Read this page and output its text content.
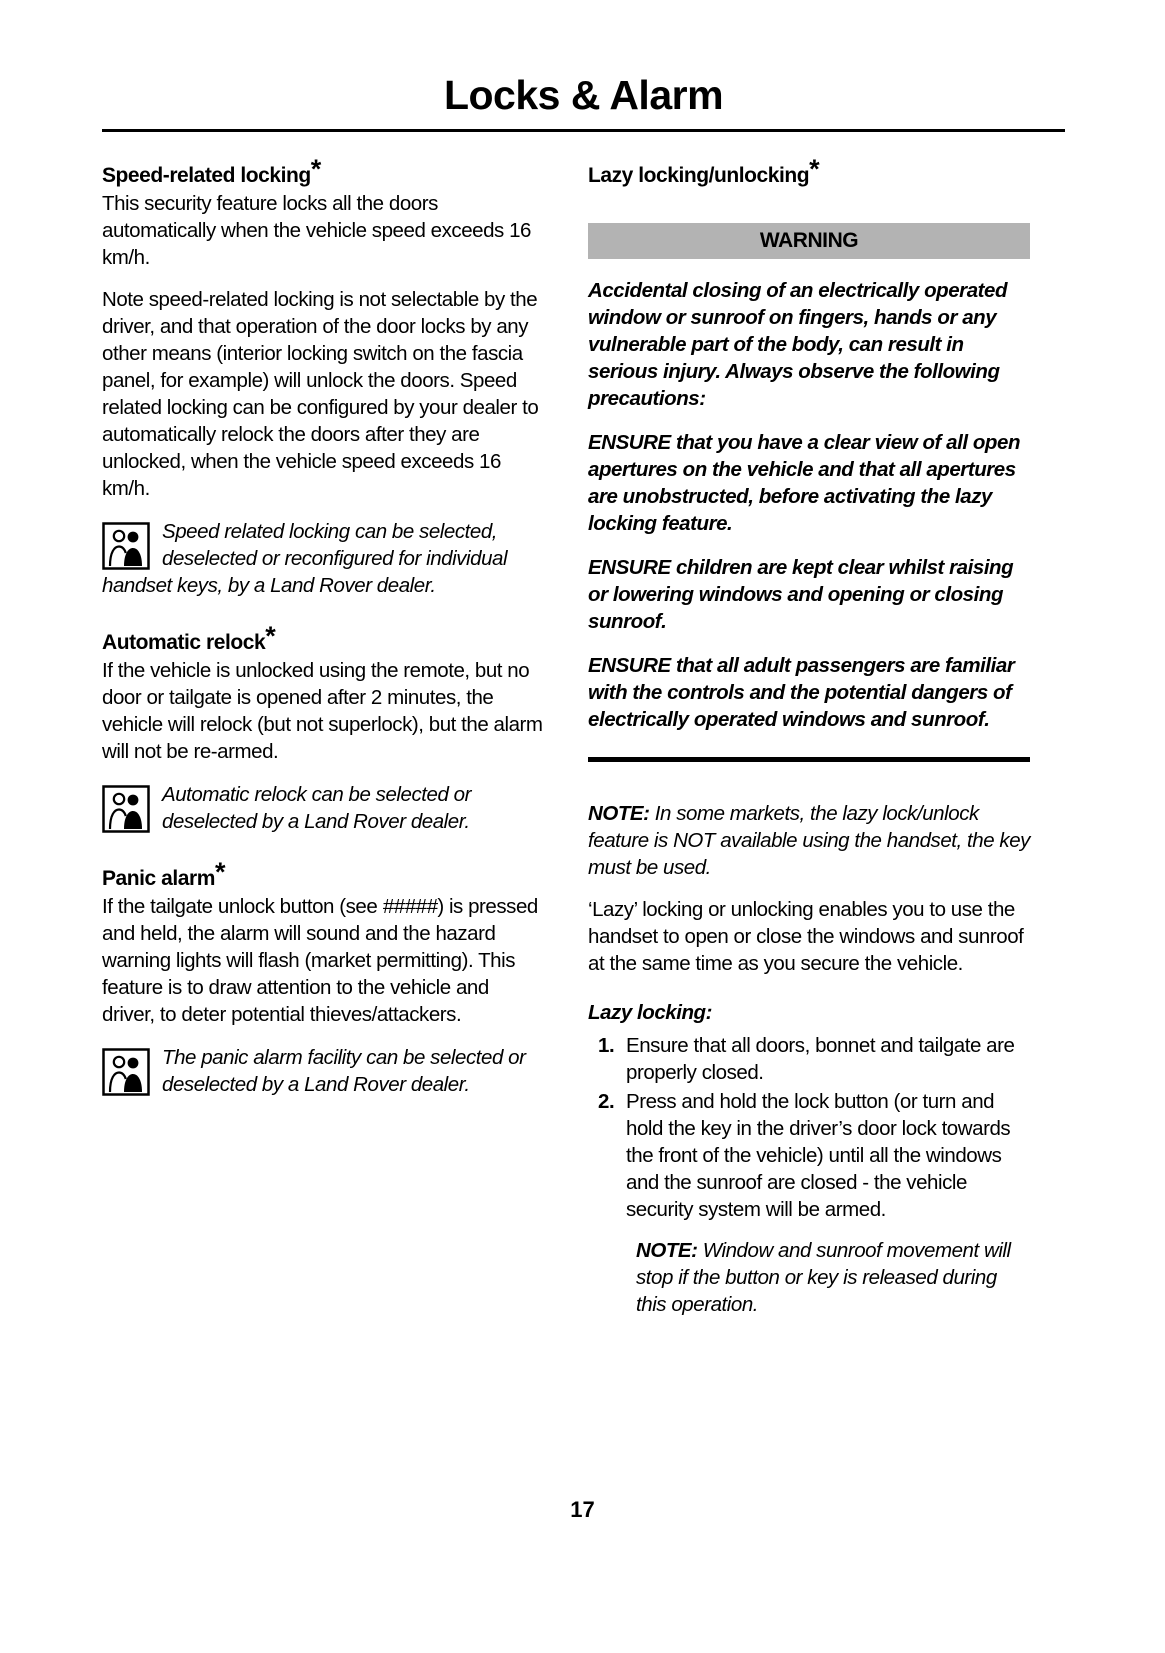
Locks & Alarm
Speed-related locking*

This security feature locks all the doors automatically when the vehicle speed exceeds 16 km/h.

Note speed-related locking is not selectable by the driver, and that operation of the door locks by any other means (interior locking switch on the fascia panel, for example) will unlock the doors. Speed related locking can be configured by your dealer to automatically relock the doors after they are unlocked, when the vehicle speed exceeds 16 km/h.

Speed related locking can be selected, deselected or reconfigured for individual handset keys, by a Land Rover dealer.

Automatic relock*

If the vehicle is unlocked using the remote, but no door or tailgate is opened after 2 minutes, the vehicle will relock (but not superlock), but the alarm will not be re-armed.

Automatic relock can be selected or deselected by a Land Rover dealer.

Panic alarm*

If the tailgate unlock button (see #####) is pressed and held, the alarm will sound and the hazard warning lights will flash (market permitting). This feature is to draw attention to the vehicle and driver, to deter potential thieves/attackers.

The panic alarm facility can be selected or deselected by a Land Rover dealer.

Lazy locking/unlocking*
WARNING

Accidental closing of an electrically operated window or sunroof on fingers, hands or any vulnerable part of the body, can result in serious injury. Always observe the following precautions:

ENSURE that you have a clear view of all open apertures on the vehicle and that all apertures are unobstructed, before activating the lazy locking feature.

ENSURE children are kept clear whilst raising or lowering windows and opening or closing sunroof.

ENSURE that all adult passengers are familiar with the controls and the potential dangers of electrically operated windows and sunroof.

NOTE: In some markets, the lazy lock/unlock feature is NOT available using the handset, the key must be used.

‘Lazy’ locking or unlocking enables you to use the handset to open or close the windows and sunroof at the same time as you secure the vehicle.

Lazy locking:
1. Ensure that all doors, bonnet and tailgate are properly closed.
2. Press and hold the lock button (or turn and hold the key in the driver’s door lock towards the front of the vehicle) until all the windows and the sunroof are closed - the vehicle security system will be armed.

NOTE: Window and sunroof movement will stop if the button or key is released during this operation.

17
